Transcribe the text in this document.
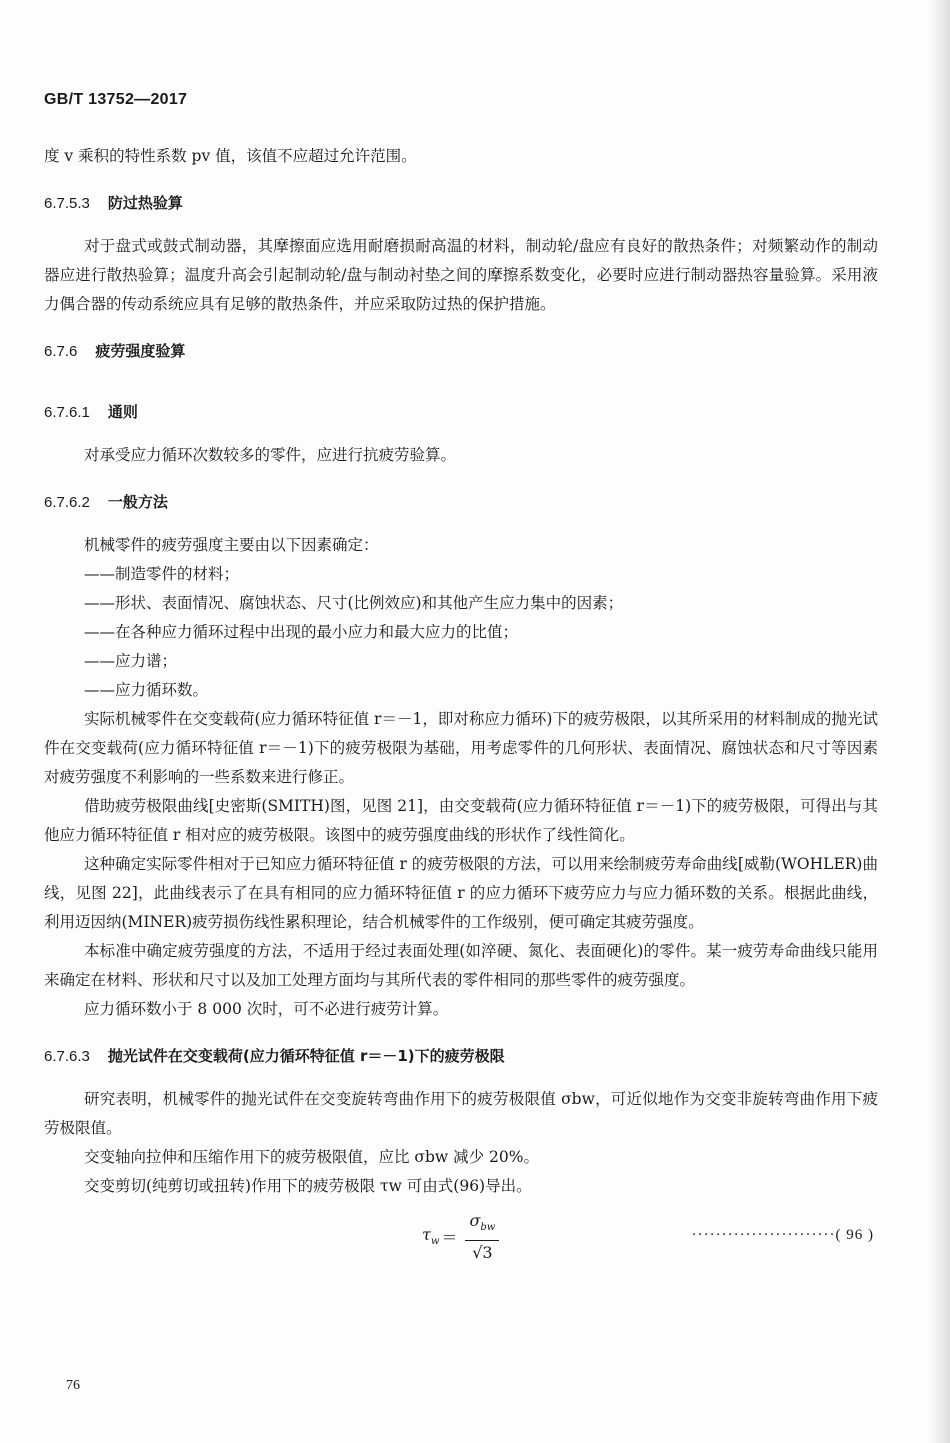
GB/T 13752—2017

度 v 乘积的特性系数 pv 值，该值不应超过允许范围。

6.7.5.3 防过热验算

对于盘式或鼓式制动器，其摩擦面应选用耐磨损耐高温的材料，制动轮/盘应有良好的散热条件；对频繁动作的制动器应进行散热验算；温度升高会引起制动轮/盘与制动衬垫之间的摩擦系数变化，必要时应进行制动器热容量验算。采用液力偶合器的传动系统应具有足够的散热条件，并应采取防过热的保护措施。

6.7.6 疲劳强度验算
6.7.6.1 通则

对承受应力循环次数较多的零件，应进行抗疲劳验算。

6.7.6.2 一般方法

机械零件的疲劳强度主要由以下因素确定：

——制造零件的材料；

——形状、表面情况、腐蚀状态、尺寸(比例效应)和其他产生应力集中的因素；

——在各种应力循环过程中出现的最小应力和最大应力的比值；

——应力谱；

——应力循环数。

实际机械零件在交变载荷(应力循环特征值 r＝－1，即对称应力循环)下的疲劳极限，以其所采用的材料制成的抛光试件在交变载荷(应力循环特征值 r＝－1)下的疲劳极限为基础，用考虑零件的几何形状、表面情况、腐蚀状态和尺寸等因素对疲劳强度不利影响的一些系数来进行修正。

借助疲劳极限曲线[史密斯(SMITH)图，见图 21]，由交变载荷(应力循环特征值 r＝－1)下的疲劳极限，可得出与其他应力循环特征值 r 相对应的疲劳极限。该图中的疲劳强度曲线的形状作了线性简化。

这种确定实际零件相对于已知应力循环特征值 r 的疲劳极限的方法，可以用来绘制疲劳寿命曲线[威勒(WOHLER)曲线，见图 22]，此曲线表示了在具有相同的应力循环特征值 r 的应力循环下疲劳应力与应力循环数的关系。根据此曲线，利用迈因纳(MINER)疲劳损伤线性累积理论，结合机械零件的工作级别，便可确定其疲劳强度。

本标准中确定疲劳强度的方法，不适用于经过表面处理(如淬硬、氮化、表面硬化)的零件。某一疲劳寿命曲线只能用来确定在材料、形状和尺寸以及加工处理方面均与其所代表的零件相同的那些零件的疲劳强度。

应力循环数小于 8 000 次时，可不必进行疲劳计算。

6.7.6.3 抛光试件在交变载荷(应力循环特征值 r＝－1)下的疲劳极限

研究表明，机械零件的抛光试件在交变旋转弯曲作用下的疲劳极限值 σbw，可近似地作为交变非旋转弯曲作用下疲劳极限值。

交变轴向拉伸和压缩作用下的疲劳极限值，应比 σbw 减少 20%。

交变剪切(纯剪切或扭转)作用下的疲劳极限 τw 可由式(96)导出。

$\tau_w = \frac{\sigma_{bw}}{√3}$	························( 96 )
76
